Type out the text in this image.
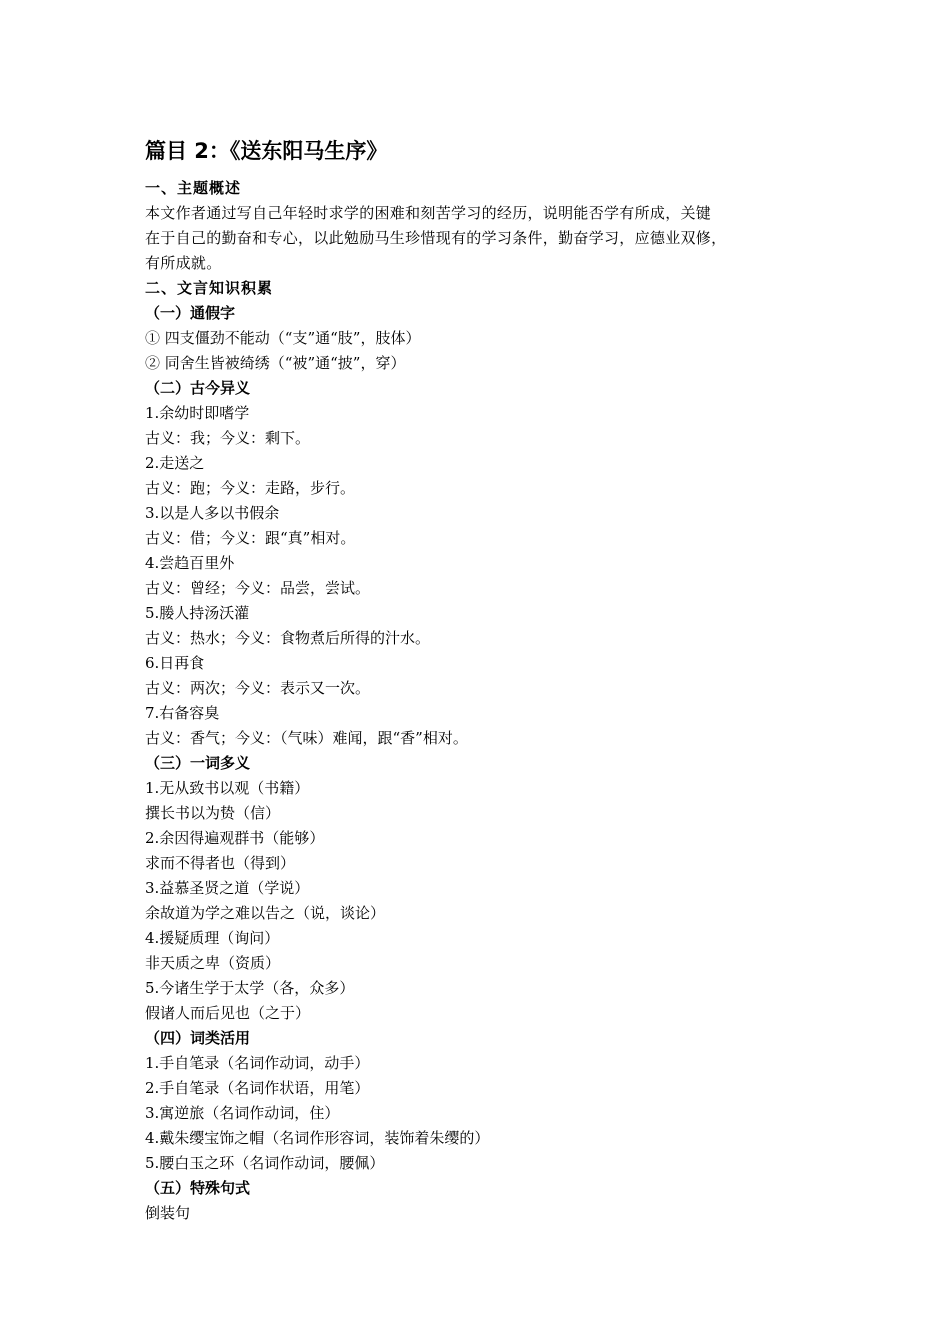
篇目 2：《送东阳马生序》
一、主题概述
本文作者通过写自己年轻时求学的困难和刻苦学习的经历，说明能否学有所成，关键
在于自己的勤奋和专心，以此勉励马生珍惜现有的学习条件，勤奋学习，应德业双修，
有所成就。
二、文言知识积累
（一）通假字
① 四支僵劲不能动（“支”通“肢”，肢体）
② 同舍生皆被绮绣（“被”通“披”，穿）
（二）古今异义
1.余幼时即嗜学
古义：我；今义：剩下。
2.走送之
古义：跑；今义：走路，步行。
3.以是人多以书假余
古义：借；今义：跟“真”相对。
4.尝趋百里外
古义：曾经；今义：品尝，尝试。
5.媵人持汤沃灌
古义：热水；今义：食物煮后所得的汁水。
6.日再食
古义：两次；今义：表示又一次。
7.右备容臭
古义：香气；今义：（气味）难闻，跟“香”相对。
（三）一词多义
1.无从致书以观（书籍）
撰长书以为贽（信）
2.余因得遍观群书（能够）
求而不得者也（得到）
3.益慕圣贤之道（学说）
余故道为学之难以告之（说，谈论）
4.援疑质理（询问）
非天质之卑（资质）
5.今诸生学于太学（各，众多）
假诸人而后见也（之于）
（四）词类活用
1.手自笔录（名词作动词，动手）
2.手自笔录（名词作状语，用笔）
3.寓逆旅（名词作动词，住）
4.戴朱缨宝饰之帽（名词作形容词，装饰着朱缨的）
5.腰白玉之环（名词作动词，腰佩）
（五）特殊句式
倒装句
